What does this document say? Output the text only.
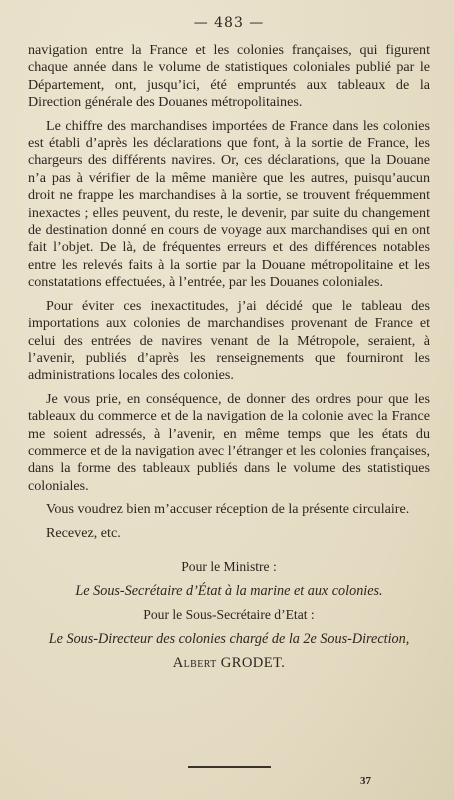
— 483 —

navigation entre la France et les colonies françaises, qui figurent chaque année dans le volume de statistiques coloniales publié par le Département, ont, jusqu’ici, été empruntés aux tableaux de la Direction générale des Douanes métropolitaines.

Le chiffre des marchandises importées de France dans les colonies est établi d’après les déclarations que font, à la sortie de France, les chargeurs des différents navires. Or, ces déclarations, que la Douane n’a pas à vérifier de la même manière que les autres, puisqu’aucun droit ne frappe les marchandises à la sortie, se trouvent fréquemment inexactes ; elles peuvent, du reste, le devenir, par suite du changement de destination donné en cours de voyage aux marchandises qui en ont fait l’objet. De là, de fréquentes erreurs et des différences notables entre les relevés faits à la sortie par la Douane métropolitaine et les constatations effectuées, à l’entrée, par les Douanes coloniales.

Pour éviter ces inexactitudes, j’ai décidé que le tableau des importations aux colonies de marchandises provenant de France et celui des entrées de navires venant de la Métropole, seraient, à l’avenir, publiés d’après les renseignements que fourniront les administrations locales des colonies.

Je vous prie, en conséquence, de donner des ordres pour que les tableaux du commerce et de la navigation de la colonie avec la France me soient adressés, à l’avenir, en même temps que les états du commerce et de la navigation avec l’étranger et les colonies françaises, dans la forme des tableaux publiés dans le volume des statistiques coloniales.

Vous voudrez bien m’accuser réception de la présente circulaire.

Recevez, etc.

Pour le Ministre :

Le Sous-Secrétaire d’État à la marine et aux colonies.

Pour le Sous-Secrétaire d’Etat :

Le Sous-Directeur des colonies chargé de la 2e Sous-Direction,

Albert GRODET.

37
